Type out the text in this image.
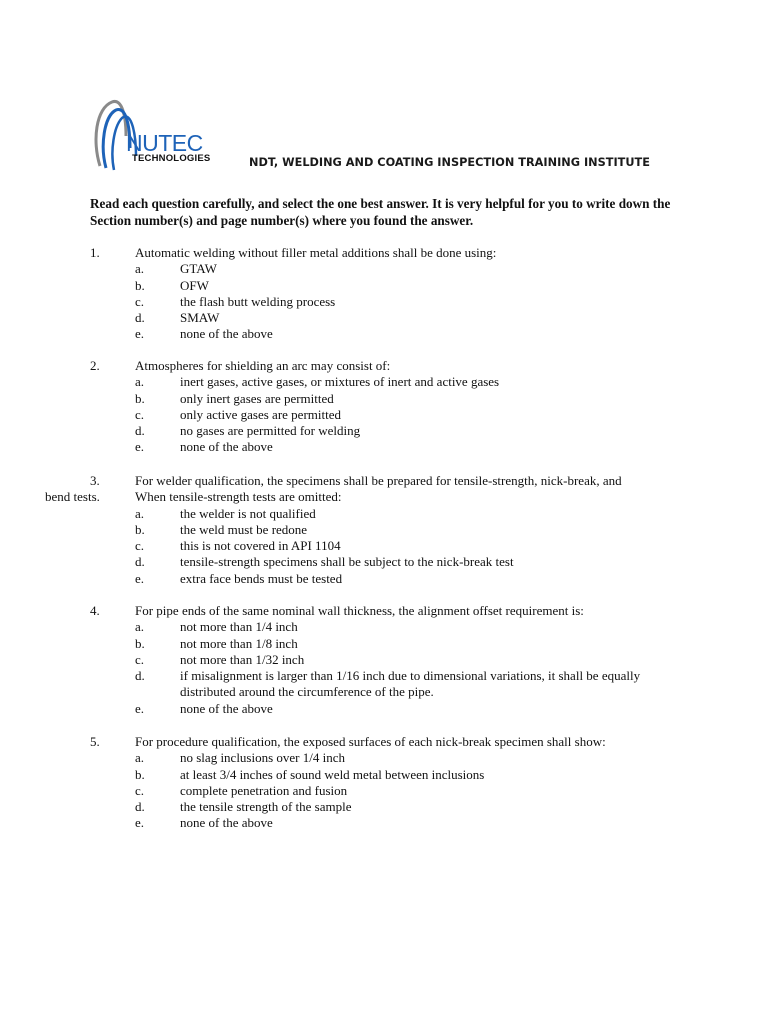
NUTEC
TECHNOLOGIES	NDT, WELDING AND COATING INSPECTION TRAINING INSTITUTE
Read each question carefully, and select the one best answer. It is very helpful for you to write down the Section number(s) and page number(s) where you found the answer.
1.	Automatic welding without filler metal additions shall be done using:
a.	GTAW
b.	OFW
c.	the flash butt welding process
d.	SMAW
e.	none of the above
2.	Atmospheres for shielding an arc may consist of:
a.	inert gases, active gases, or mixtures of inert and active gases
b.	only inert gases are permitted
c.	only active gases are permitted
d.	no gases are permitted for welding
e.	none of the above
3.	For welder qualification, the specimens shall be prepared for tensile-strength, nick-break, and
bend tests.	When tensile-strength tests are omitted:
a.	the welder is not qualified
b.	the weld must be redone
c.	this is not covered in API 1104
d.	tensile-strength specimens shall be subject to the nick-break test
e.	extra face bends must be tested
4.	For pipe ends of the same nominal wall thickness, the alignment offset requirement is:
a.	not more than 1/4 inch
b.	not more than 1/8 inch
c.	not more than 1/32 inch
d.	if misalignment is larger than 1/16 inch due to dimensional variations, it shall be equally distributed around the circumference of the pipe.
e.	none of the above
5.	For procedure qualification, the exposed surfaces of each nick-break specimen shall show:
a.	no slag inclusions over 1/4 inch
b.	at least 3/4 inches of sound weld metal between inclusions
c.	complete penetration and fusion
d.	the tensile strength of the sample
e.	none of the above
